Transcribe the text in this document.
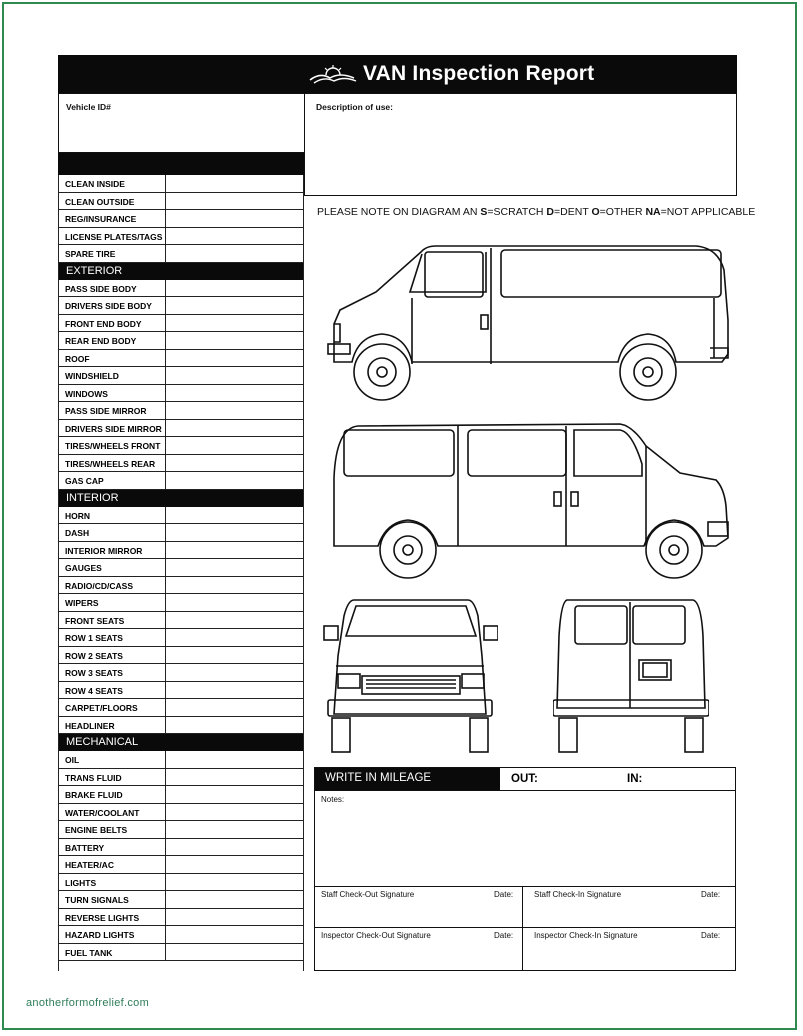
VAN Inspection Report
Vehicle ID#	Description of use:
CLEAN INSIDE
CLEAN OUTSIDE
REG/INSURANCE
LICENSE PLATES/TAGS
SPARE TIRE
EXTERIOR
PASS SIDE BODY
DRIVERS SIDE BODY
FRONT END BODY
REAR END BODY
ROOF
WINDSHIELD
WINDOWS
PASS SIDE MIRROR
DRIVERS SIDE MIRROR
TIRES/WHEELS FRONT
TIRES/WHEELS REAR
GAS CAP
INTERIOR
HORN
DASH
INTERIOR MIRROR
GAUGES
RADIO/CD/CASS
WIPERS
FRONT SEATS
ROW 1 SEATS
ROW 2 SEATS
ROW 3 SEATS
ROW 4 SEATS
CARPET/FLOORS
HEADLINER
MECHANICAL
OIL
TRANS FLUID
BRAKE FLUID
WATER/COOLANT
ENGINE BELTS
BATTERY
HEATER/AC
LIGHTS
TURN SIGNALS
REVERSE LIGHTS
HAZARD LIGHTS
FUEL TANK
PLEASE NOTE ON DIAGRAM AN S=SCRATCH D=DENT O=OTHER NA=NOT APPLICABLE
WRITE IN MILEAGE	OUT:	IN:
Notes:
Staff Check-Out Signature	Date:	Staff Check-In Signature	Date:
Inspector Check-Out Signature	Date:	Inspector Check-In Signature	Date:
anotherformofrelief.com
